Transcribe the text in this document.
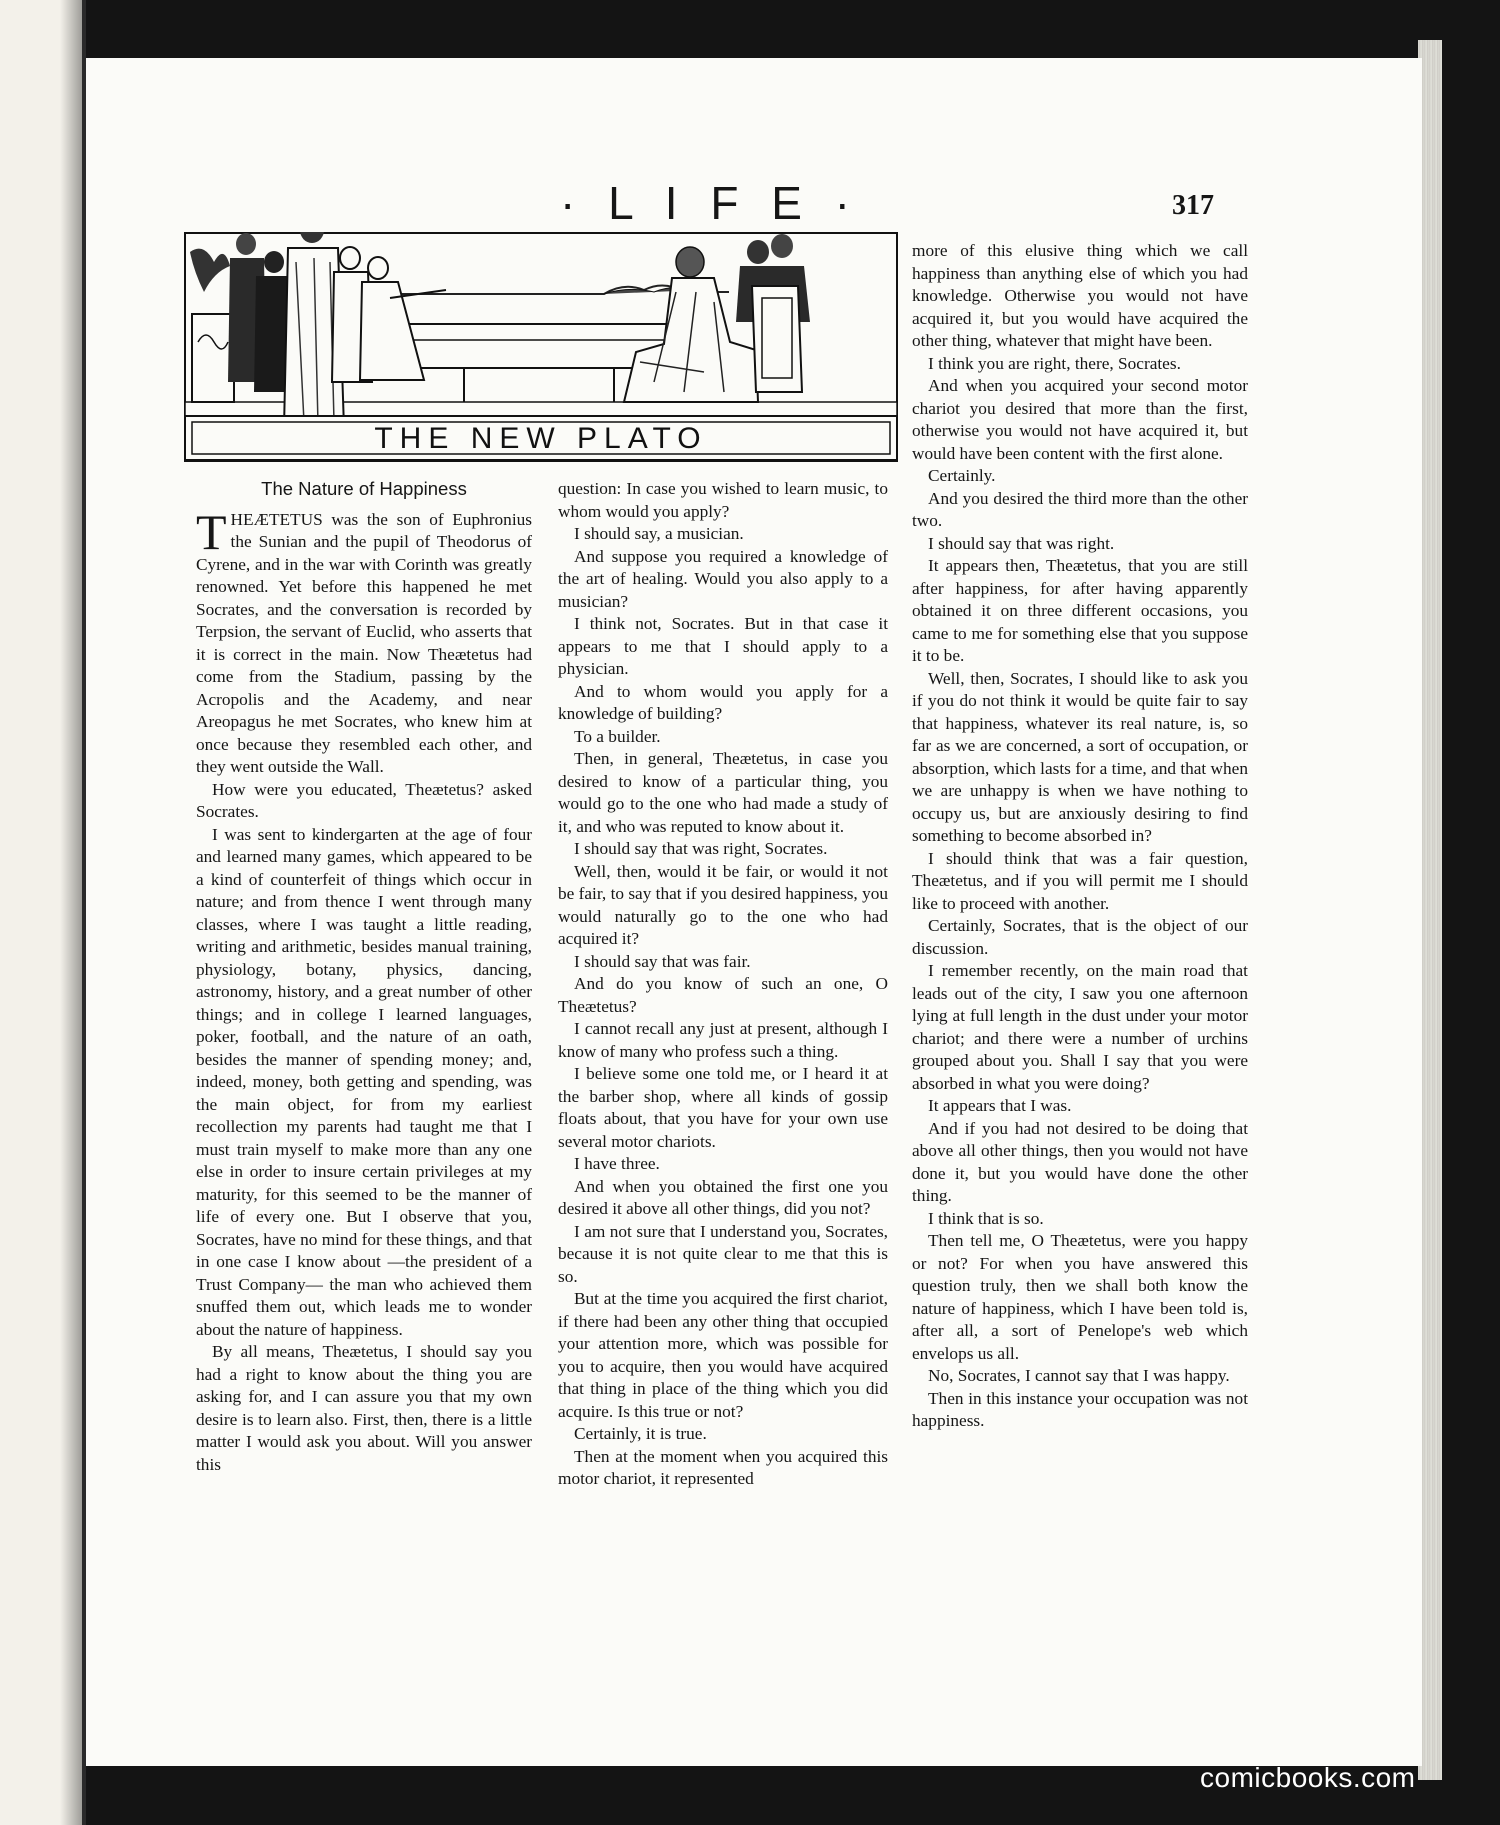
· L I F E ·	317
THE NEW PLATO
The Nature of Happiness

THEÆTETUS was the son of Euphronius the Sunian and the pupil of Theodorus of Cyrene, and in the war with Corinth was greatly renowned. Yet before this happened he met Socrates, and the conversation is recorded by Terpsion, the servant of Euclid, who asserts that it is correct in the main. Now Theætetus had come from the Stadium, passing by the Acropolis and the Academy, and near Areopagus he met Socrates, who knew him at once because they resembled each other, and they went outside the Wall.

How were you educated, Theætetus? asked Socrates.

I was sent to kindergarten at the age of four and learned many games, which appeared to be a kind of counterfeit of things which occur in nature; and from thence I went through many classes, where I was taught a little reading, writing and arithmetic, besides manual training, physiology, botany, physics, dancing, astronomy, history, and a great number of other things; and in college I learned languages, poker, football, and the nature of an oath, besides the manner of spending money; and, indeed, money, both getting and spending, was the main object, for from my earliest recollection my parents had taught me that I must train myself to make more than any one else in order to insure certain privileges at my maturity, for this seemed to be the manner of life of every one. But I observe that you, Socrates, have no mind for these things, and that in one case I know about —the president of a Trust Company— the man who achieved them snuffed them out, which leads me to wonder about the nature of happiness.

By all means, Theætetus, I should say you had a right to know about the thing you are asking for, and I can assure you that my own desire is to learn also. First, then, there is a little matter I would ask you about. Will you answer this

question: In case you wished to learn music, to whom would you apply?

I should say, a musician.

And suppose you required a knowledge of the art of healing. Would you also apply to a musician?

I think not, Socrates. But in that case it appears to me that I should apply to a physician.

And to whom would you apply for a knowledge of building?

To a builder.

Then, in general, Theætetus, in case you desired to know of a particular thing, you would go to the one who had made a study of it, and who was reputed to know about it.

I should say that was right, Socrates.

Well, then, would it be fair, or would it not be fair, to say that if you desired happiness, you would naturally go to the one who had acquired it?

I should say that was fair.

And do you know of such an one, O Theætetus?

I cannot recall any just at present, although I know of many who profess such a thing.

I believe some one told me, or I heard it at the barber shop, where all kinds of gossip floats about, that you have for your own use several motor chariots.

I have three.

And when you obtained the first one you desired it above all other things, did you not?

I am not sure that I understand you, Socrates, because it is not quite clear to me that this is so.

But at the time you acquired the first chariot, if there had been any other thing that occupied your attention more, which was possible for you to acquire, then you would have acquired that thing in place of the thing which you did acquire. Is this true or not?

Certainly, it is true.

Then at the moment when you acquired this motor chariot, it represented

more of this elusive thing which we call happiness than anything else of which you had knowledge. Otherwise you would not have acquired it, but you would have acquired the other thing, whatever that might have been.

I think you are right, there, Socrates.

And when you acquired your second motor chariot you desired that more than the first, otherwise you would not have acquired it, but would have been content with the first alone.

Certainly.

And you desired the third more than the other two.

I should say that was right.

It appears then, Theætetus, that you are still after happiness, for after having apparently obtained it on three different occasions, you came to me for something else that you suppose it to be.

Well, then, Socrates, I should like to ask you if you do not think it would be quite fair to say that happiness, whatever its real nature, is, so far as we are concerned, a sort of occupation, or absorption, which lasts for a time, and that when we are unhappy is when we have nothing to occupy us, but are anxiously desiring to find something to become absorbed in?

I should think that was a fair question, Theætetus, and if you will permit me I should like to proceed with another.

Certainly, Socrates, that is the object of our discussion.

I remember recently, on the main road that leads out of the city, I saw you one afternoon lying at full length in the dust under your motor chariot; and there were a number of urchins grouped about you. Shall I say that you were absorbed in what you were doing?

It appears that I was.

And if you had not desired to be doing that above all other things, then you would not have done it, but you would have done the other thing.

I think that is so.

Then tell me, O Theætetus, were you happy or not? For when you have answered this question truly, then we shall both know the nature of happiness, which I have been told is, after all, a sort of Penelope's web which envelops us all.

No, Socrates, I cannot say that I was happy.

Then in this instance your occupation was not happiness.

comicbooks.com
